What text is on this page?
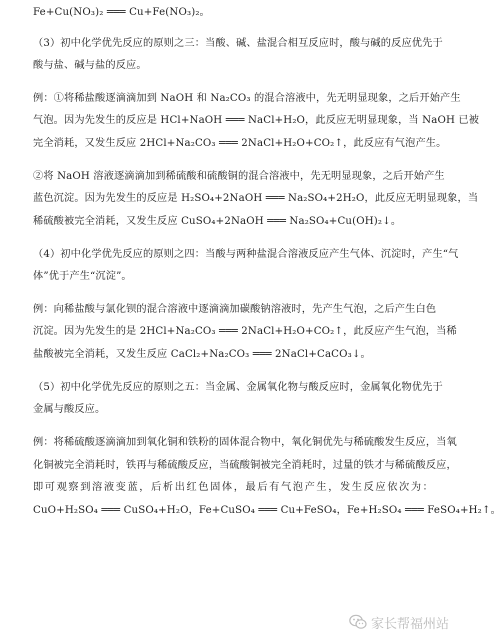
Fe+Cu(NO₃)₂ ═══ Cu+Fe(NO₃)₂。
（3）初中化学优先反应的原则之三：当酸、碱、盐混合相互反应时，酸与碱的反应优先于
酸与盐、碱与盐的反应。
例：①将稀盐酸逐滴滴加到 NaOH 和 Na₂CO₃ 的混合溶液中，先无明显现象，之后开始产生
气泡。因为先发生的反应是 HCl+NaOH ═══ NaCl+H₂O，此反应无明显现象，当 NaOH 已被
完全消耗，又发生反应 2HCl+Na₂CO₃ ═══ 2NaCl+H₂O+CO₂↑，此反应有气泡产生。
②将 NaOH 溶液逐滴滴加到稀硫酸和硫酸铜的混合溶液中，先无明显现象，之后开始产生
蓝色沉淀。因为先发生的反应是 H₂SO₄+2NaOH ═══ Na₂SO₄+2H₂O，此反应无明显现象，当
稀硫酸被完全消耗，又发生反应 CuSO₄+2NaOH ═══ Na₂SO₄+Cu(OH)₂↓。
（4）初中化学优先反应的原则之四：当酸与两种盐混合溶液反应产生气体、沉淀时，产生“气
体”优于产生“沉淀”。
例：向稀盐酸与氯化钡的混合溶液中逐滴滴加碳酸钠溶液时，先产生气泡，之后产生白色
沉淀。因为先发生的是 2HCl+Na₂CO₃ ═══ 2NaCl+H₂O+CO₂↑，此反应产生气泡，当稀
盐酸被完全消耗，又发生反应 CaCl₂+Na₂CO₃ ═══ 2NaCl+CaCO₃↓。
（5）初中化学优先反应的原则之五：当金属、金属氧化物与酸反应时，金属氧化物优先于
金属与酸反应。
例：将稀硫酸逐滴滴加到氧化铜和铁粉的固体混合物中，氧化铜优先与稀硫酸发生反应，当氧
化铜被完全消耗时，铁再与稀硫酸反应，当硫酸铜被完全消耗时，过量的铁才与稀硫酸反应，
即可观察到溶液变蓝，后析出红色固体，最后有气泡产生，发生反应依次为：
CuO+H₂SO₄ ═══ CuSO₄+H₂O，Fe+CuSO₄ ═══ Cu+FeSO₄，Fe+H₂SO₄ ═══ FeSO₄+H₂↑。
家长帮福州站
